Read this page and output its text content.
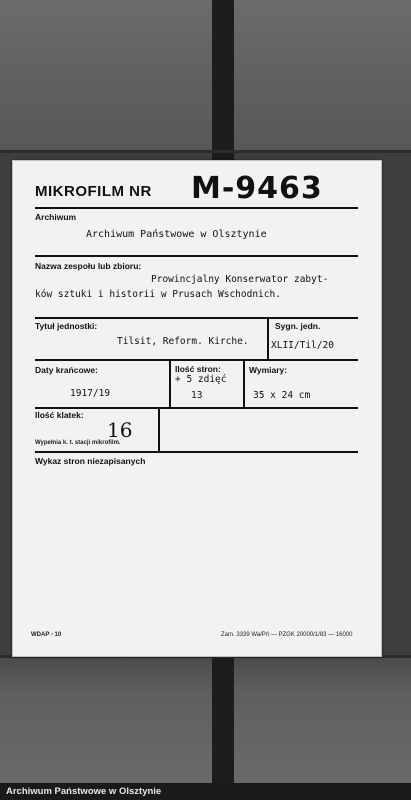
MIKROFILM NR M-9463
Archiwum
Archiwum Państwowe w Olsztynie
Nazwa zespołu lub zbioru:
Prowincjalny Konserwator zabyt-
ków sztuki i historii w Prusach Wschodnich.
Tytuł jednostki:
Tilsit, Reform. Kirche.
Sygn. jedn.
XLII/Til/20
Daty krańcowe:
1917/19
Ilość stron:
+ 5 zdięć
13
Wymiary:
35 x 24 cm
Ilość klatek:
16
Wypełnia k. t. stacji mikrofilm.
Wykaz stron niezapisanych
WDAP - 10	Zam. 3339 Wa/Pń — PZGK 20000/1/83 — 16000
Archiwum Państwowe w Olsztynie
